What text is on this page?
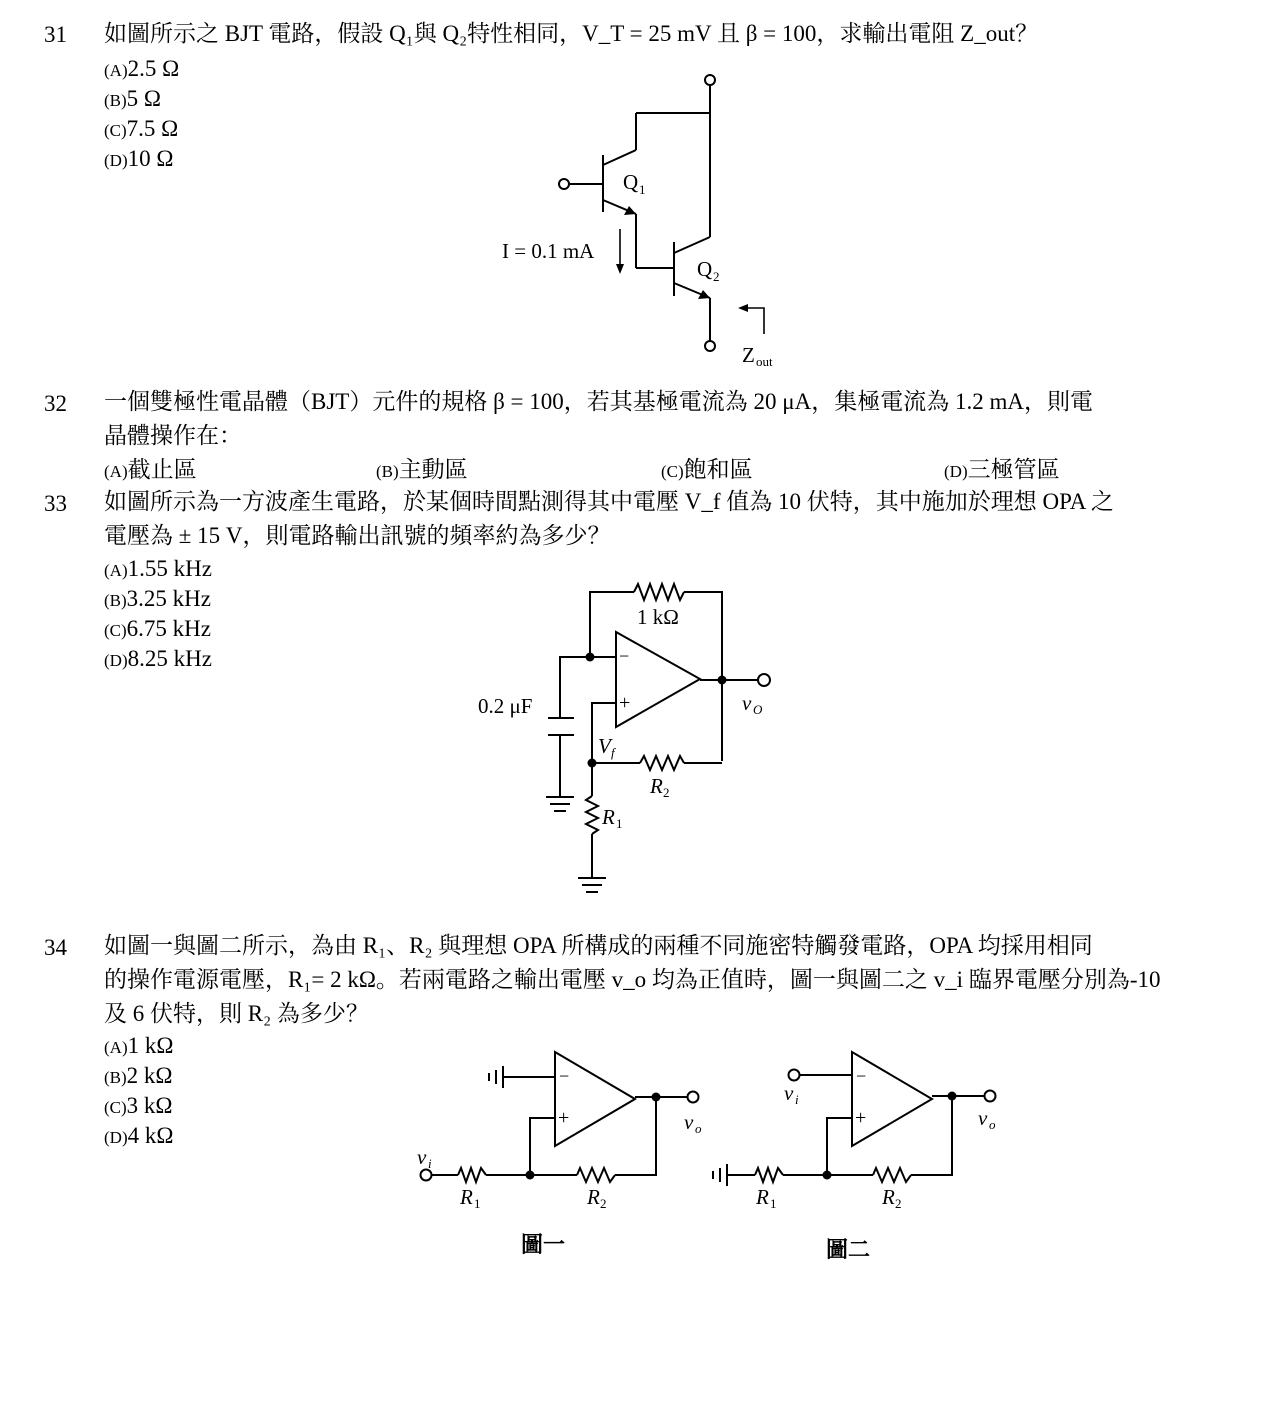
31 如圖所示之 BJT 電路，假設 Q₁與 Q₂特性相同，V_T = 25 mV 且 β = 100，求輸出電阻 Z_out？
(A)2.5 Ω
(B)5 Ω
(C)7.5 Ω
(D)10 Ω
Q 1
I = 0.1 mA
Q 2
Z out
32 一個雙極性電晶體（BJT）元件的規格 β = 100，若其基極電流為 20 μA，集極電流為 1.2 mA，則電
晶體操作在：
(A)截止區	(B)主動區	(C)飽和區	(D)三極管區
33 如圖所示為一方波產生電路，於某個時間點測得其中電壓 V_f 值為 10 伏特，其中施加於理想 OPA 之
電壓為 ± 15 V，則電路輸出訊號的頻率約為多少？
(A)1.55 kHz
(B)3.25 kHz
(C)6.75 kHz
(D)8.25 kHz
1 kΩ
−
+
0.2 μF	v O
V f
R 2
R 1
34 如圖一與圖二所示，為由 R₁、R₂ 與理想 OPA 所構成的兩種不同施密特觸發電路，OPA 均採用相同
的操作電源電壓，R₁= 2 kΩ。若兩電路之輸出電壓 v_o 均為正值時，圖一與圖二之 v_i 臨界電壓分別為-10
及 6 伏特，則 R₂ 為多少？
(A)1 kΩ
(B)2 kΩ
(C)3 kΩ
(D)4 kΩ
−
+	v o
v i
R 1	R 2
圖一
−
+
v i
v o
R 1	R 2
圖二
